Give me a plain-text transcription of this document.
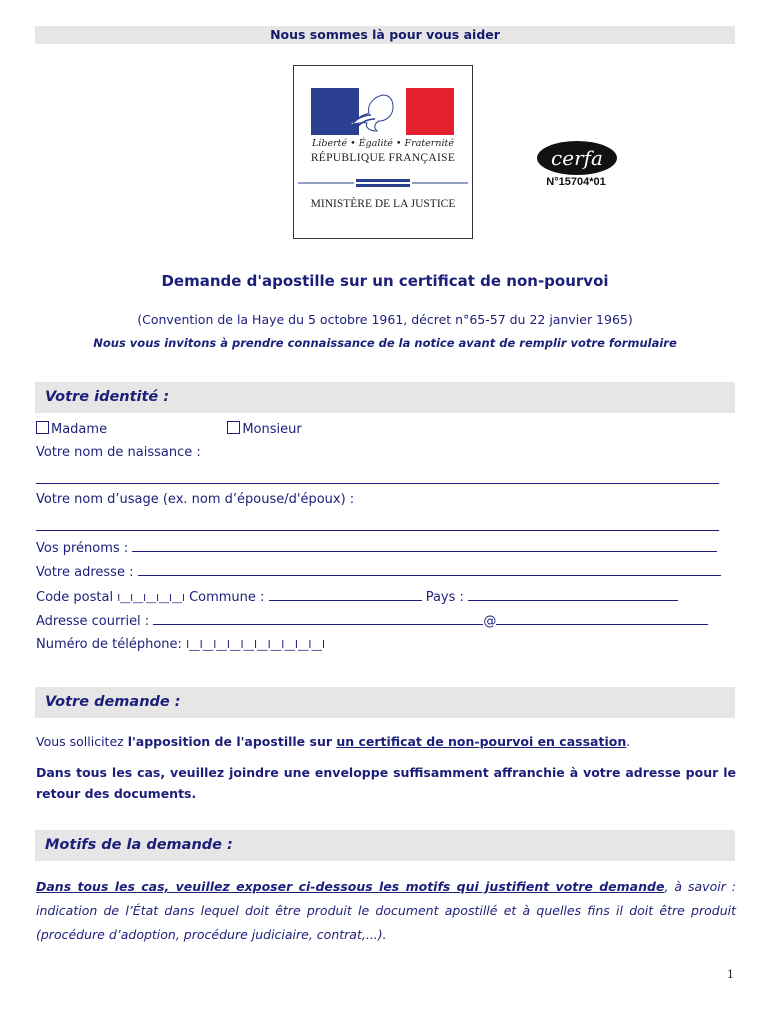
Nous sommes là pour vous aider
Liberté • Égalité • Fraternité
RÉPUBLIQUE FRANÇAISE
MINISTÈRE DE LA JUSTICE
cerfa
N°15704*01
Demande d'apostille sur un certificat de non-pourvoi
(Convention de la Haye du 5 octobre 1961, décret n°65-57 du 22 janvier 1965)
Nous vous invitons à prendre connaissance de la notice avant de remplir votre formulaire
Votre identité :
Madame	Monsieur
Votre nom de naissance :
Votre nom d’usage (ex. nom d’épouse/d'époux) :
Vos prénoms :
Votre adresse :
Code postal I__I__I__I__I__I Commune :	Pays :
Adresse courriel :	@
Numéro de téléphone: I__I__I__I__I__I__I__I__I__I__I
Votre demande :
Vous sollicitez l'apposition de l'apostille sur un certificat de non-pourvoi en cassation.
Dans tous les cas, veuillez joindre une enveloppe suffisamment affranchie à votre adresse pour le retour des documents.
Motifs de la demande :
Dans tous les cas, veuillez exposer ci-dessous les motifs qui justifient votre demande, à savoir : indication de l’État dans lequel doit être produit le document apostillé et à quelles fins il doit être produit (procédure d’adoption, procédure judiciaire, contrat,...).
1
